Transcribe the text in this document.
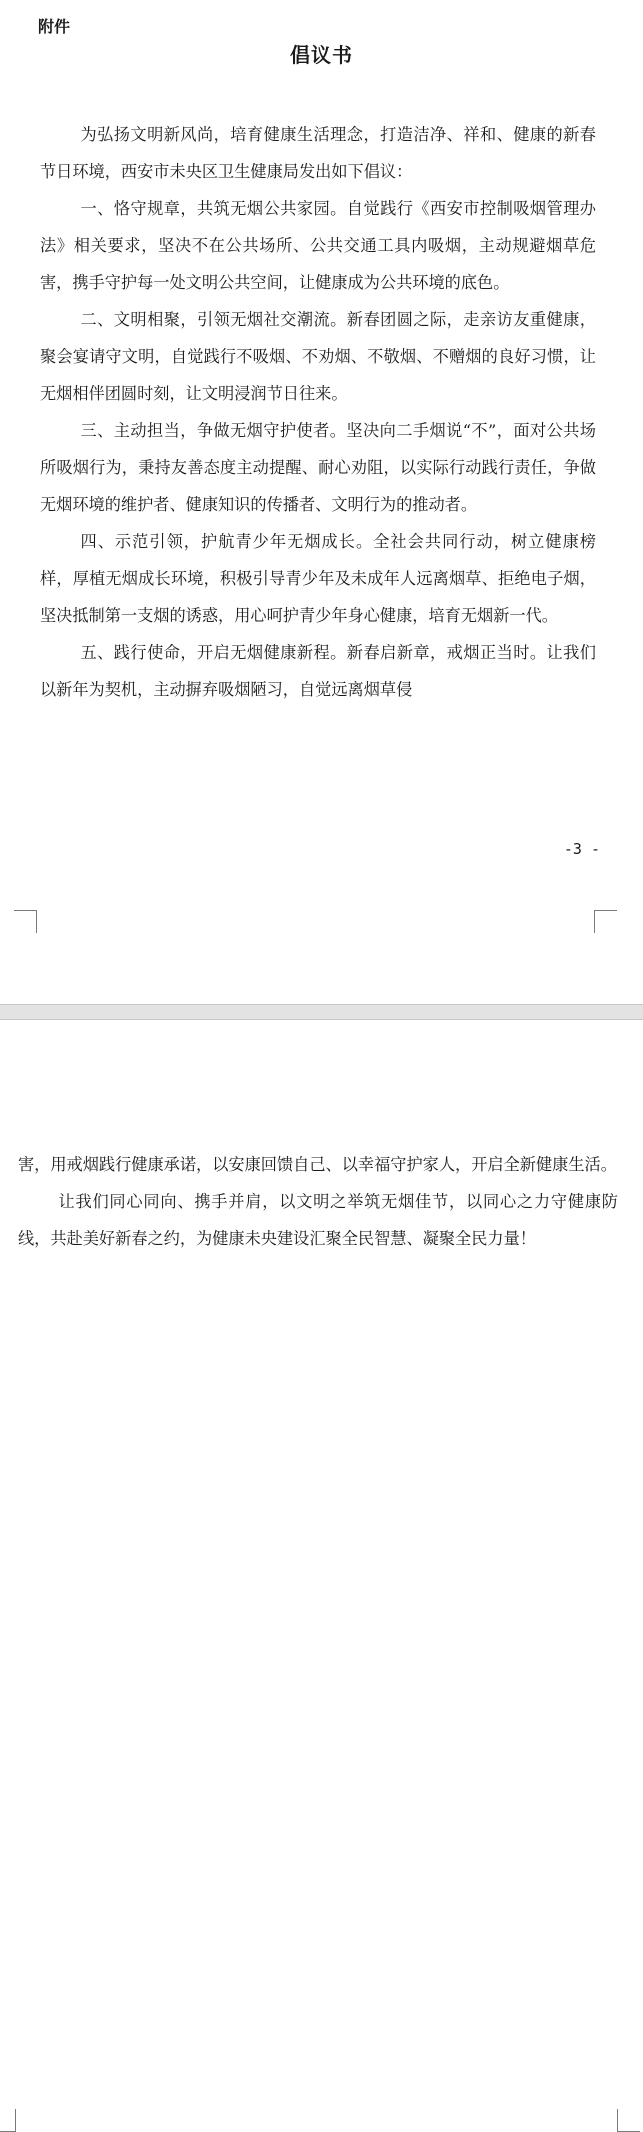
附件
倡议书

为弘扬文明新风尚，培育健康生活理念，打造洁净、祥和、健康的新春节日环境，西安市未央区卫生健康局发出如下倡议：

一、恪守规章，共筑无烟公共家园。自觉践行《西安市控制吸烟管理办法》相关要求，坚决不在公共场所、公共交通工具内吸烟，主动规避烟草危害，携手守护每一处文明公共空间，让健康成为公共环境的底色。

二、文明相聚，引领无烟社交潮流。新春团圆之际，走亲访友重健康，聚会宴请守文明，自觉践行不吸烟、不劝烟、不敬烟、不赠烟的良好习惯，让无烟相伴团圆时刻，让文明浸润节日往来。

三、主动担当，争做无烟守护使者。坚决向二手烟说“不”，面对公共场所吸烟行为，秉持友善态度主动提醒、耐心劝阻，以实际行动践行责任，争做无烟环境的维护者、健康知识的传播者、文明行为的推动者。

四、示范引领，护航青少年无烟成长。全社会共同行动，树立健康榜样，厚植无烟成长环境，积极引导青少年及未成年人远离烟草、拒绝电子烟，坚决抵制第一支烟的诱惑，用心呵护青少年身心健康，培育无烟新一代。

五、践行使命，开启无烟健康新程。新春启新章，戒烟正当时。让我们以新年为契机，主动摒弃吸烟陋习，自觉远离烟草侵

-3 -

害，用戒烟践行健康承诺，以安康回馈自己、以幸福守护家人，开启全新健康生活。

让我们同心同向、携手并肩，以文明之举筑无烟佳节，以同心之力守健康防线，共赴美好新春之约，为健康未央建设汇聚全民智慧、凝聚全民力量！
